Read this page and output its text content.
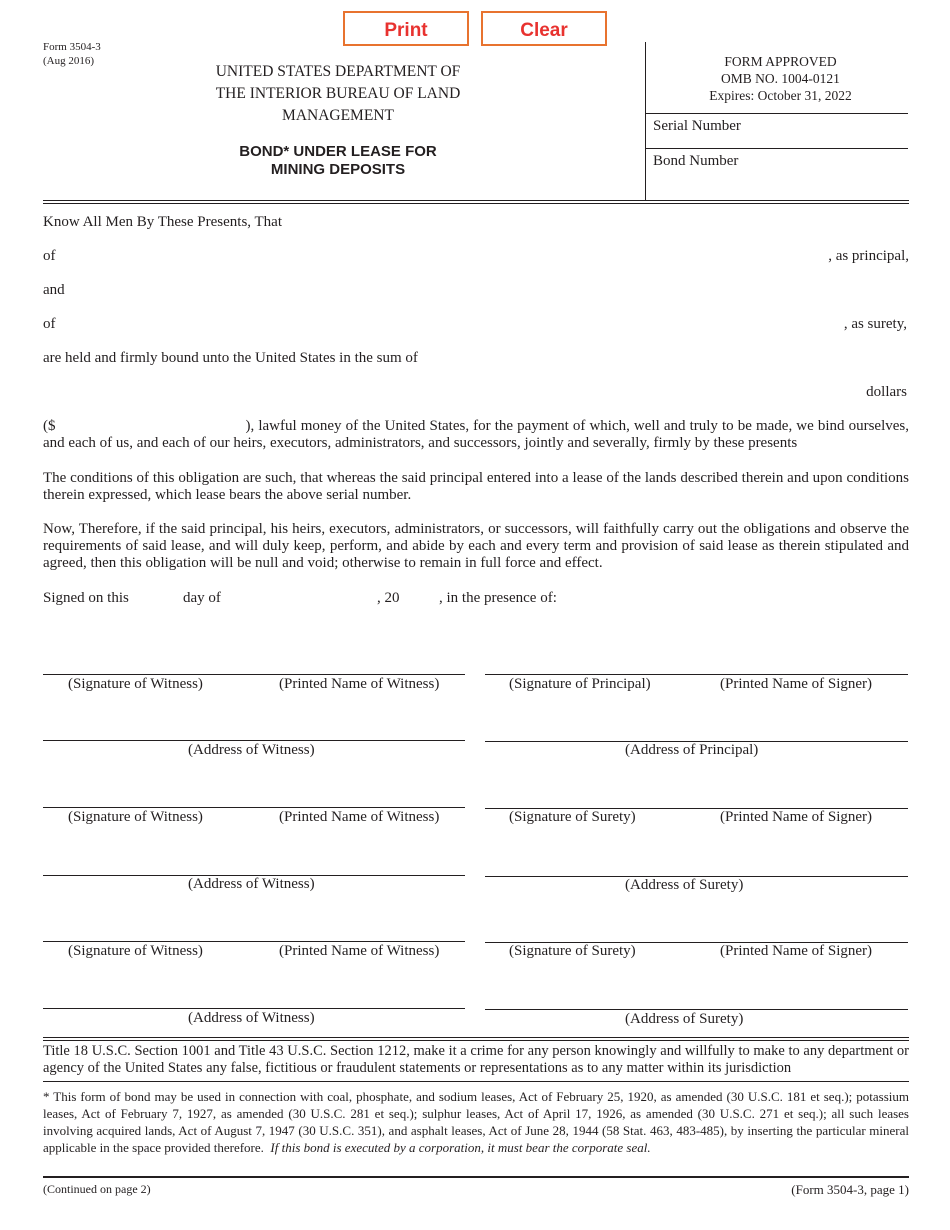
Print	Clear
Form 3504-3
(Aug 2016)
UNITED STATES DEPARTMENT OF
THE INTERIOR BUREAU OF LAND
MANAGEMENT
BOND* UNDER LEASE FOR
MINING DEPOSITS
FORM APPROVED
OMB NO. 1004-0121
Expires: October 31, 2022
Serial Number
Bond Number
Know All Men By These Presents, That
of	, as principal,
and
of	, as surety,
are held and firmly bound unto the United States in the sum of
dollars
($	), lawful money of the United States, for the payment of which, well and truly to be made, we bind ourselves, and each of us, and each of our heirs, executors, administrators, and successors, jointly and severally, firmly by these presents
The conditions of this obligation are such, that whereas the said principal entered into a lease of the lands described therein and upon conditions therein expressed, which lease bears the above serial number.
Now, Therefore, if the said principal, his heirs, executors, administrators, or successors, will faithfully carry out the obligations and observe the requirements of said lease, and will duly keep, perform, and abide by each and every term and provision of said lease as therein stipulated and agreed, then this obligation will be null and void; otherwise to remain in full force and effect.
Signed on this	day of	, 20	, in the presence of:
(Signature of Witness)	(Printed Name of Witness)	(Signature of Principal)	(Printed Name of Signer)
(Address of Witness)	(Address of Principal)
(Signature of Witness)	(Printed Name of Witness)	(Signature of Surety)	(Printed Name of Signer)
(Address of Witness)	(Address of Surety)
(Signature of Witness)	(Printed Name of Witness)	(Signature of Surety)	(Printed Name of Signer)
(Address of Witness)	(Address of Surety)
Title 18 U.S.C. Section 1001 and Title 43 U.S.C. Section 1212, make it a crime for any person knowingly and willfully to make to any department or agency of the United States any false, fictitious or fraudulent statements or representations as to any matter within its jurisdiction
* This form of bond may be used in connection with coal, phosphate, and sodium leases, Act of February 25, 1920, as amended (30 U.S.C. 181 et seq.); potassium leases, Act of February 7, 1927, as amended (30 U.S.C. 281 et seq.); sulphur leases, Act of April 17, 1926, as amended (30 U.S.C. 271 et seq.); all such leases involving acquired lands, Act of August 7, 1947 (30 U.S.C. 351), and asphalt leases, Act of June 28, 1944 (58 Stat. 463, 483-485), by inserting the particular mineral applicable in the space provided therefore. If this bond is executed by a corporation, it must bear the corporate seal.
(Continued on page 2)	(Form 3504-3, page 1)
